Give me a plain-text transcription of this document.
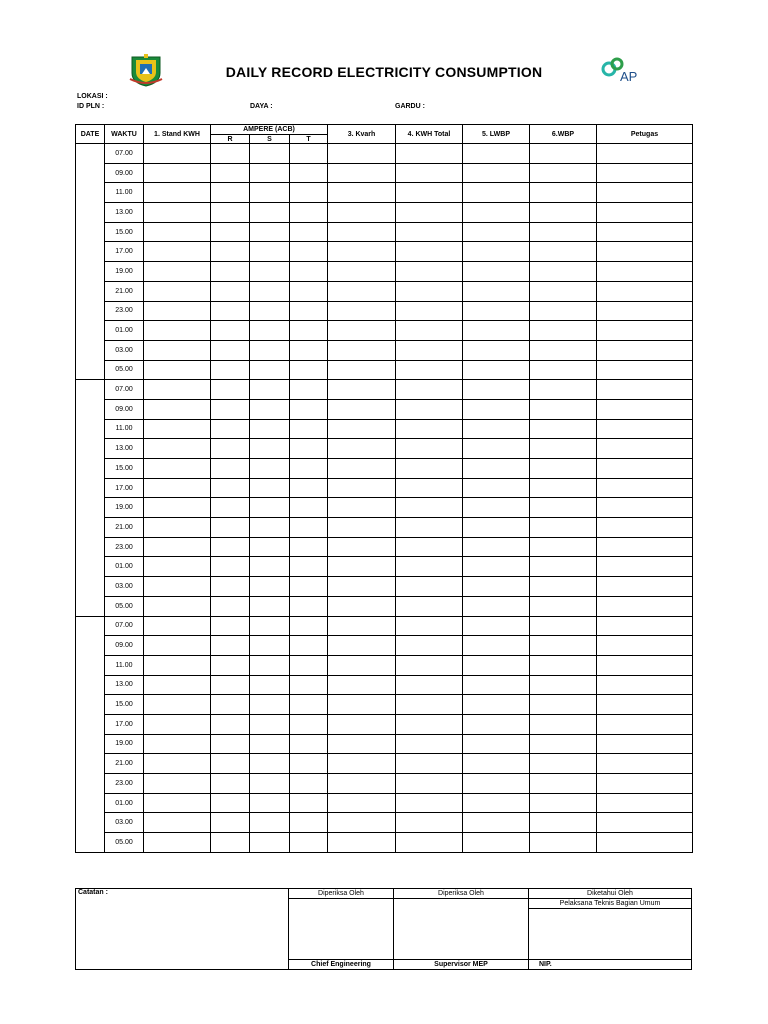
DAILY RECORD ELECTRICITY CONSUMPTION	AP
LOKASI :
ID PLN :	DAYA :	GARDU :
DATE	WAKTU	1. Stand KWH	AMPERE (ACB)			3. Kvarh	4. KWH Total	5. LWBP	6.WBP	Petugas
			R	S	T					
	07.00									
	09.00									
	11.00									
	13.00									
	15.00									
	17.00									
	19.00									
	21.00									
	23.00									
	01.00									
	03.00									
	05.00									
	07.00									
	09.00									
	11.00									
	13.00									
	15.00									
	17.00									
	19.00									
	21.00									
	23.00									
	01.00									
	03.00									
	05.00									
	07.00									
	09.00									
	11.00									
	13.00									
	15.00									
	17.00									
	19.00									
	21.00									
	23.00									
	01.00									
	03.00									
	05.00									
Catatan :	Diperiksa Oleh	Diperiksa Oleh	Diketahui Oleh
			Pelaksana Teknis Bagian Umum

	Chief Engineering	Supervisor MEP	NIP.
